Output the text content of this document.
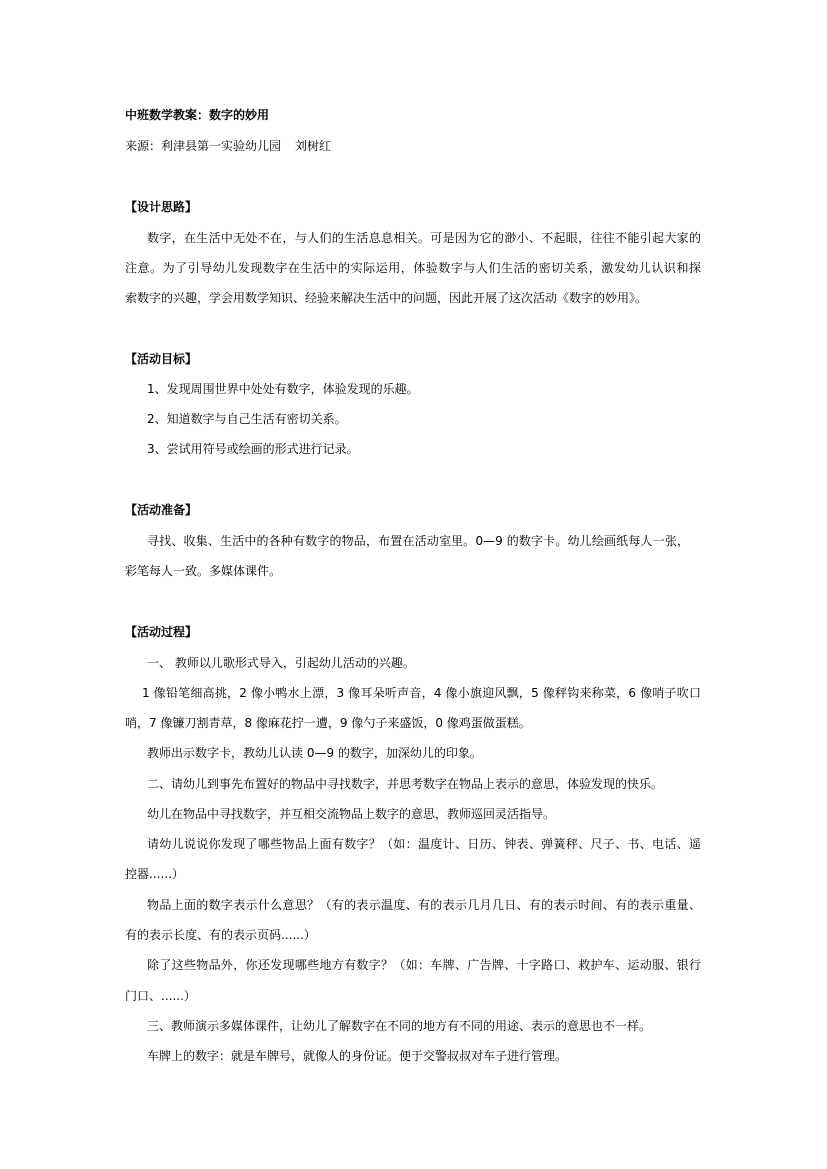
中班数学教案：数字的妙用
来源：利津县第一实验幼儿园 刘树红
【设计思路】
数字，在生活中无处不在，与人们的生活息息相关。可是因为它的渺小、不起眼，往往不能引起大家的
注意。为了引导幼儿发现数字在生活中的实际运用，体验数字与人们生活的密切关系，激发幼儿认识和探
索数字的兴趣，学会用数学知识、经验来解决生活中的问题，因此开展了这次活动《数字的妙用》。
【活动目标】
1、发现周围世界中处处有数字，体验发现的乐趣。
2、知道数字与自己生活有密切关系。
3、尝试用符号或绘画的形式进行记录。
【活动准备】
寻找、收集、生活中的各种有数字的物品，布置在活动室里。0—9 的数字卡。幼儿绘画纸每人一张，
彩笔每人一致。多媒体课件。
【活动过程】
一、 教师以儿歌形式导入，引起幼儿活动的兴趣。
1 像铅笔细高挑，2 像小鸭水上漂，3 像耳朵听声音，4 像小旗迎风飘，5 像秤钩来称菜，6 像哨子吹口
哨，7 像镰刀割青草，8 像麻花拧一遭，9 像勺子来盛饭，0 像鸡蛋做蛋糕。
教师出示数字卡，教幼儿认读 0—9 的数字，加深幼儿的印象。
二、请幼儿到事先布置好的物品中寻找数字，并思考数字在物品上表示的意思，体验发现的快乐。
幼儿在物品中寻找数字，并互相交流物品上数字的意思，教师巡回灵活指导。
请幼儿说说你发现了哪些物品上面有数字？（如：温度计、日历、钟表、弹簧秤、尺子、书、电话、遥
控器......）
物品上面的数字表示什么意思？（有的表示温度、有的表示几月几日、有的表示时间、有的表示重量、
有的表示长度、有的表示页码......）
除了这些物品外，你还发现哪些地方有数字？（如：车牌、广告牌、十字路口、救护车、运动服、银行
门口、......）
三、教师演示多媒体课件，让幼儿了解数字在不同的地方有不同的用途、表示的意思也不一样。
车牌上的数字：就是车牌号，就像人的身份证。便于交警叔叔对车子进行管理。
